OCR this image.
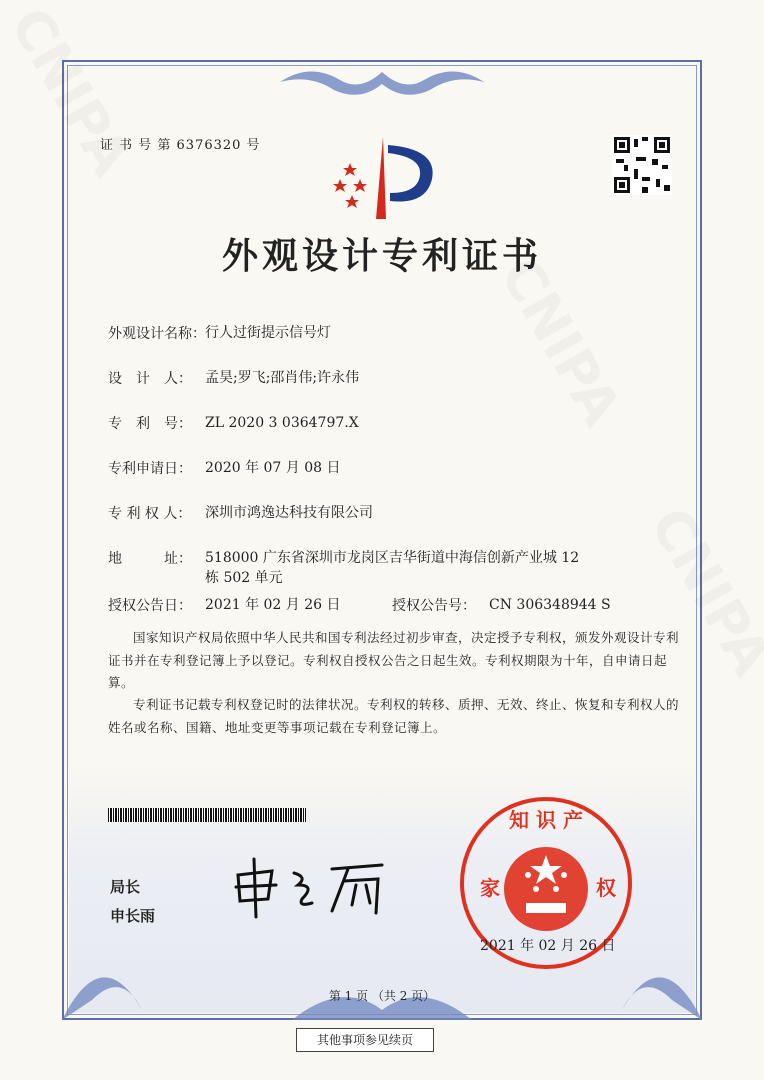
证 书 号 第 6376320 号
外观设计专利证书
外观设计名称： 行人过街提示信号灯
设　计　人： 孟昊;罗飞;邵肖伟;许永伟
专　利　号： ZL 2020 3 0364797.X
专利申请日： 2020 年 07 月 08 日
专 利 权 人： 深圳市鸿逸达科技有限公司
地　　　址： 518000 广东省深圳市龙岗区吉华街道中海信创新产业城 12 栋 502 单元
授权公告日： 2021 年 02 月 26 日	授权公告号： CN 306348944 S

国家知识产权局依照中华人民共和国专利法经过初步审查，决定授予专利权，颁发外观设计专利证书并在专利登记簿上予以登记。专利权自授权公告之日起生效。专利权期限为十年，自申请日起算。

专利证书记载专利权登记时的法律状况。专利权的转移、质押、无效、终止、恢复和专利权人的姓名或名称、国籍、地址变更等事项记载在专利登记簿上。

局长
申长雨
知 识 产
家	权
2021 年 02 月 26 日
第 1 页 （共 2 页）
其他事项参见续页
